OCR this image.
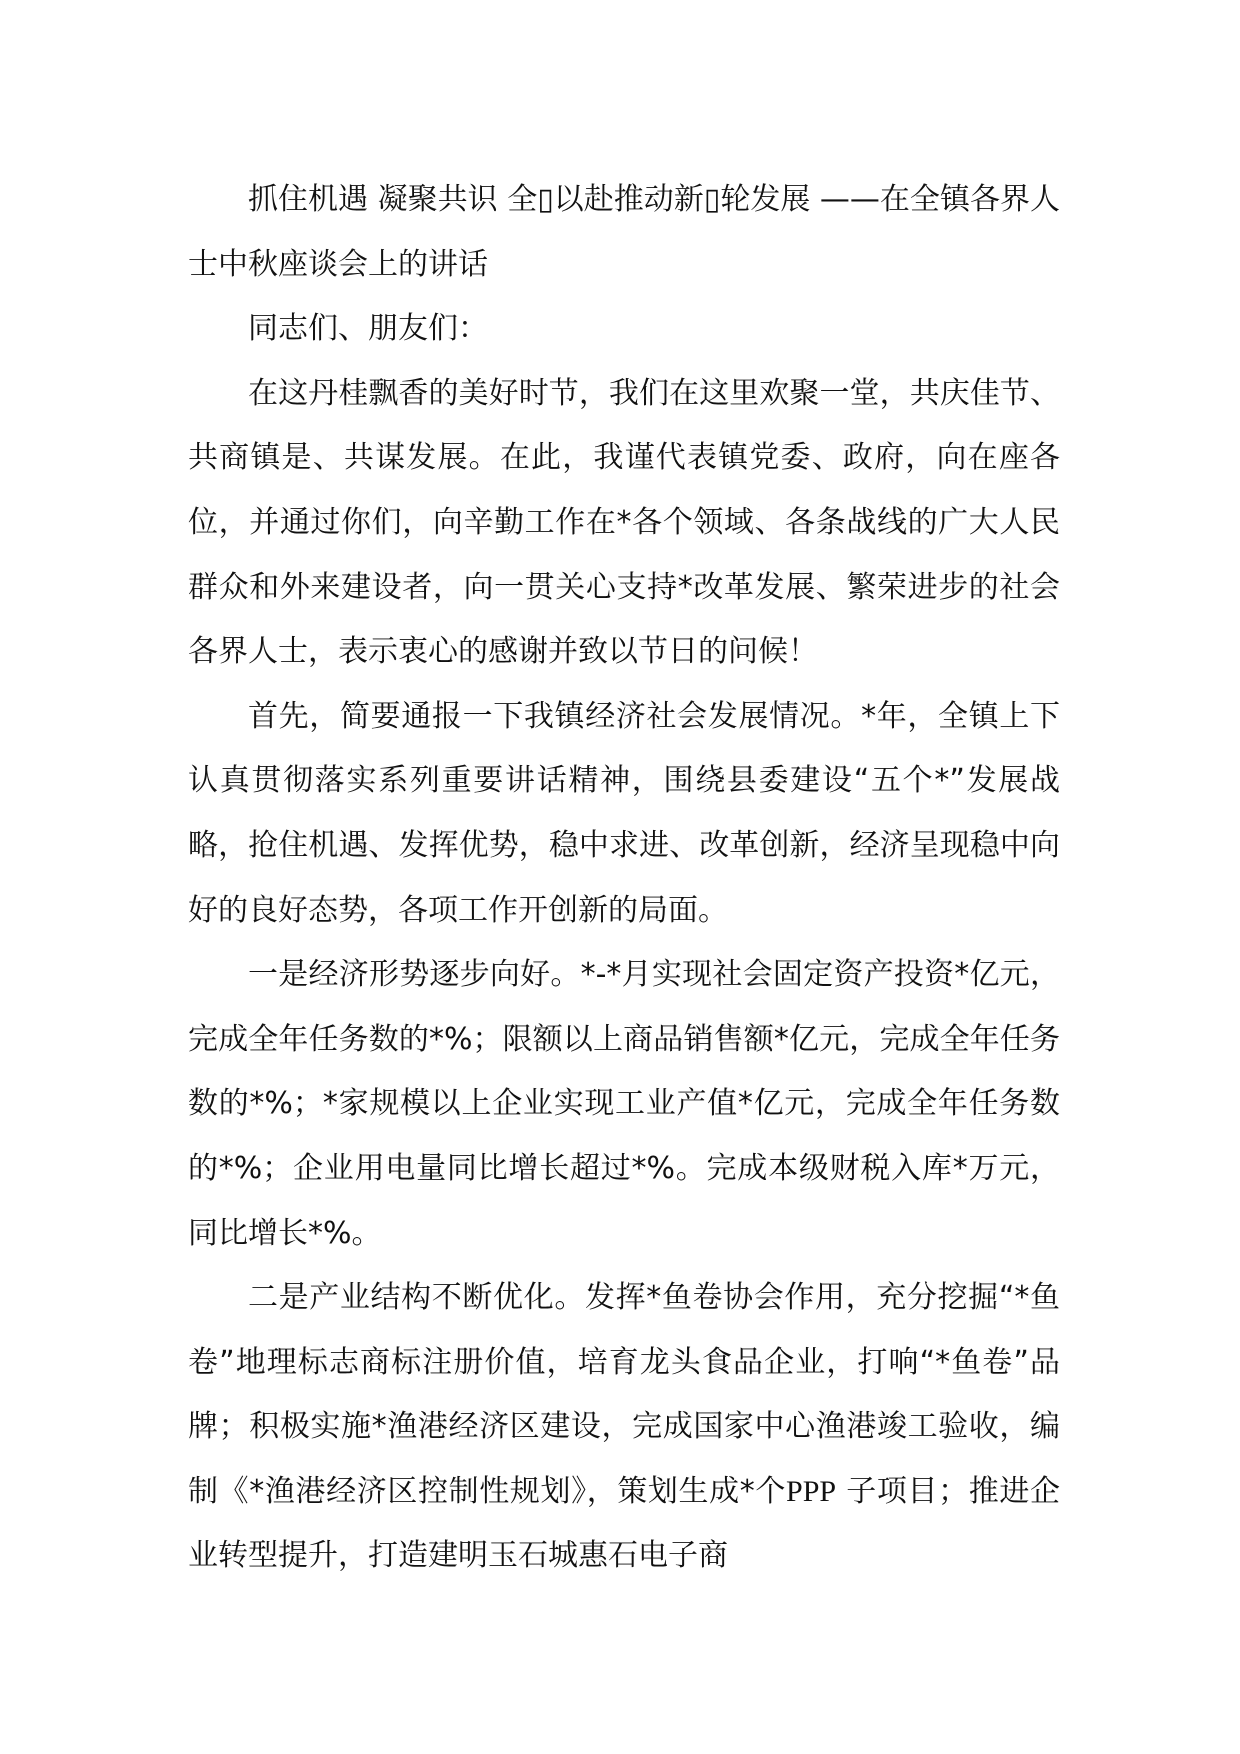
抓住机遇 凝聚共识 全▯以赴推动新▯轮发展 ——在全镇各界人士中秋座谈会上的讲话

同志们、朋友们：

在这丹桂飘香的美好时节，我们在这里欢聚一堂，共庆佳节、共商镇是、共谋发展。在此，我谨代表镇党委、政府，向在座各位，并通过你们，向辛勤工作在*各个领域、各条战线的广大人民群众和外来建设者，向一贯关心支持*改革发展、繁荣进步的社会各界人士，表示衷心的感谢并致以节日的问候！

首先，简要通报一下我镇经济社会发展情况。*年，全镇上下认真贯彻落实系列重要讲话精神，围绕县委建设“五个*”发展战略，抢住机遇、发挥优势，稳中求进、改革创新，经济呈现稳中向好的良好态势，各项工作开创新的局面。

一是经济形势逐步向好。*-*月实现社会固定资产投资*亿元，完成全年任务数的*%；限额以上商品销售额*亿元，完成全年任务数的*%；*家规模以上企业实现工业产值*亿元，完成全年任务数的*%；企业用电量同比增长超过*%。完成本级财税入库*万元，同比增长*%。

二是产业结构不断优化。发挥*鱼卷协会作用，充分挖掘“*鱼卷”地理标志商标注册价值，培育龙头食品企业，打响“*鱼卷”品牌；积极实施*渔港经济区建设，完成国家中心渔港竣工验收，编制《*渔港经济区控制性规划》，策划生成*个PPP 子项目；推进企业转型提升，打造建明玉石城惠石电子商
